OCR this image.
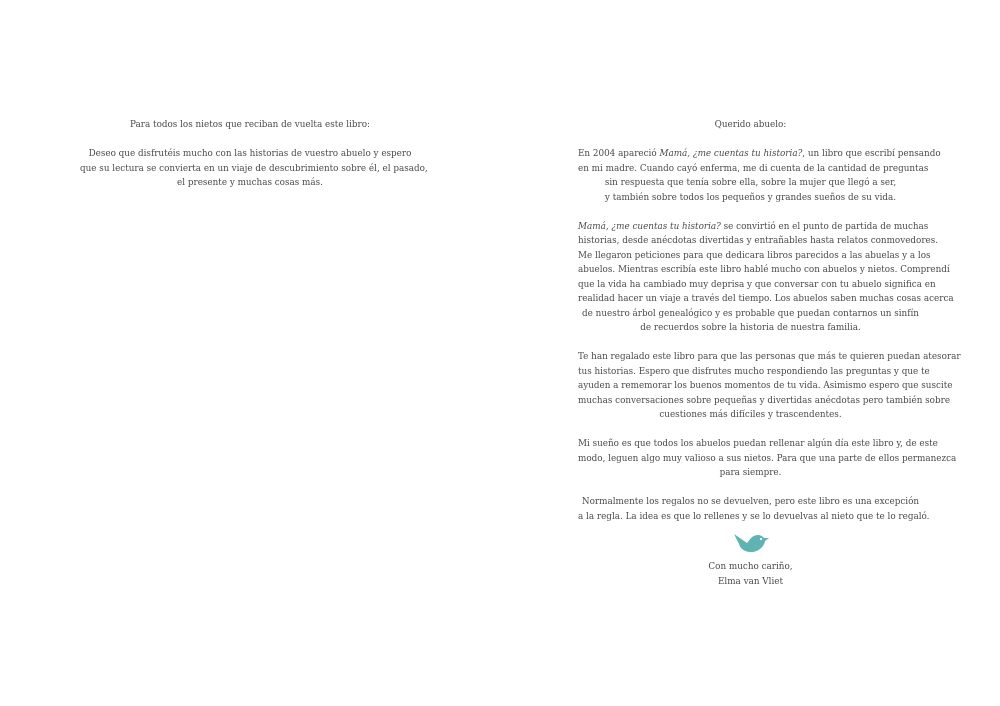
Para todos los nietos que reciban de vuelta este libro:

Deseo que disfrutéis mucho con las historias de vuestro abuelo y espero
que su lectura se convierta en un viaje de descubrimiento sobre él, el pasado,
el presente y muchas cosas más.

Querido abuelo:

En 2004 apareció Mamá, ¿me cuentas tu historia?, un libro que escribí pensando
en mi madre. Cuando cayó enferma, me di cuenta de la cantidad de preguntas
sin respuesta que tenía sobre ella, sobre la mujer que llegó a ser,
y también sobre todos los pequeños y grandes sueños de su vida.

Mamá, ¿me cuentas tu historia? se convirtió en el punto de partida de muchas
historias, desde anécdotas divertidas y entrañables hasta relatos conmovedores.
Me llegaron peticiones para que dedicara libros parecidos a las abuelas y a los
abuelos. Mientras escribía este libro hablé mucho con abuelos y nietos. Comprendí
que la vida ha cambiado muy deprisa y que conversar con tu abuelo significa en
realidad hacer un viaje a través del tiempo. Los abuelos saben muchas cosas acerca
de nuestro árbol genealógico y es probable que puedan contarnos un sinfín
de recuerdos sobre la historia de nuestra familia.

Te han regalado este libro para que las personas que más te quieren puedan atesorar
tus historias. Espero que disfrutes mucho respondiendo las preguntas y que te
ayuden a rememorar los buenos momentos de tu vida. Asimismo espero que suscite
muchas conversaciones sobre pequeñas y divertidas anécdotas pero también sobre
cuestiones más difíciles y trascendentes.

Mi sueño es que todos los abuelos puedan rellenar algún día este libro y, de este
modo, leguen algo muy valioso a sus nietos. Para que una parte de ellos permanezca
para siempre.

Normalmente los regalos no se devuelven, pero este libro es una excepción
a la regla. La idea es que lo rellenes y se lo devuelvas al nieto que te lo regaló.

Con mucho cariño,

Elma van Vliet
